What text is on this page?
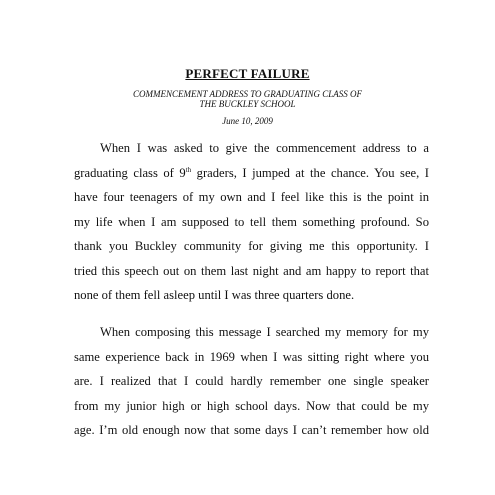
PERFECT FAILURE
COMMENCEMENT ADDRESS TO GRADUATING CLASS OF
THE BUCKLEY SCHOOL
June 10, 2009
When I was asked to give the commencement address to a
graduating class of 9th graders, I jumped at the chance. You see, I
have four teenagers of my own and I feel like this is the point in
my life when I am supposed to tell them something profound. So
thank you Buckley community for giving me this opportunity. I
tried this speech out on them last night and am happy to report that
none of them fell asleep until I was three quarters done.
When composing this message I searched my memory for my
same experience back in 1969 when I was sitting right where you
are. I realized that I could hardly remember one single speaker
from my junior high or high school days. Now that could be my
age. I’m old enough now that some days I can’t remember how old
